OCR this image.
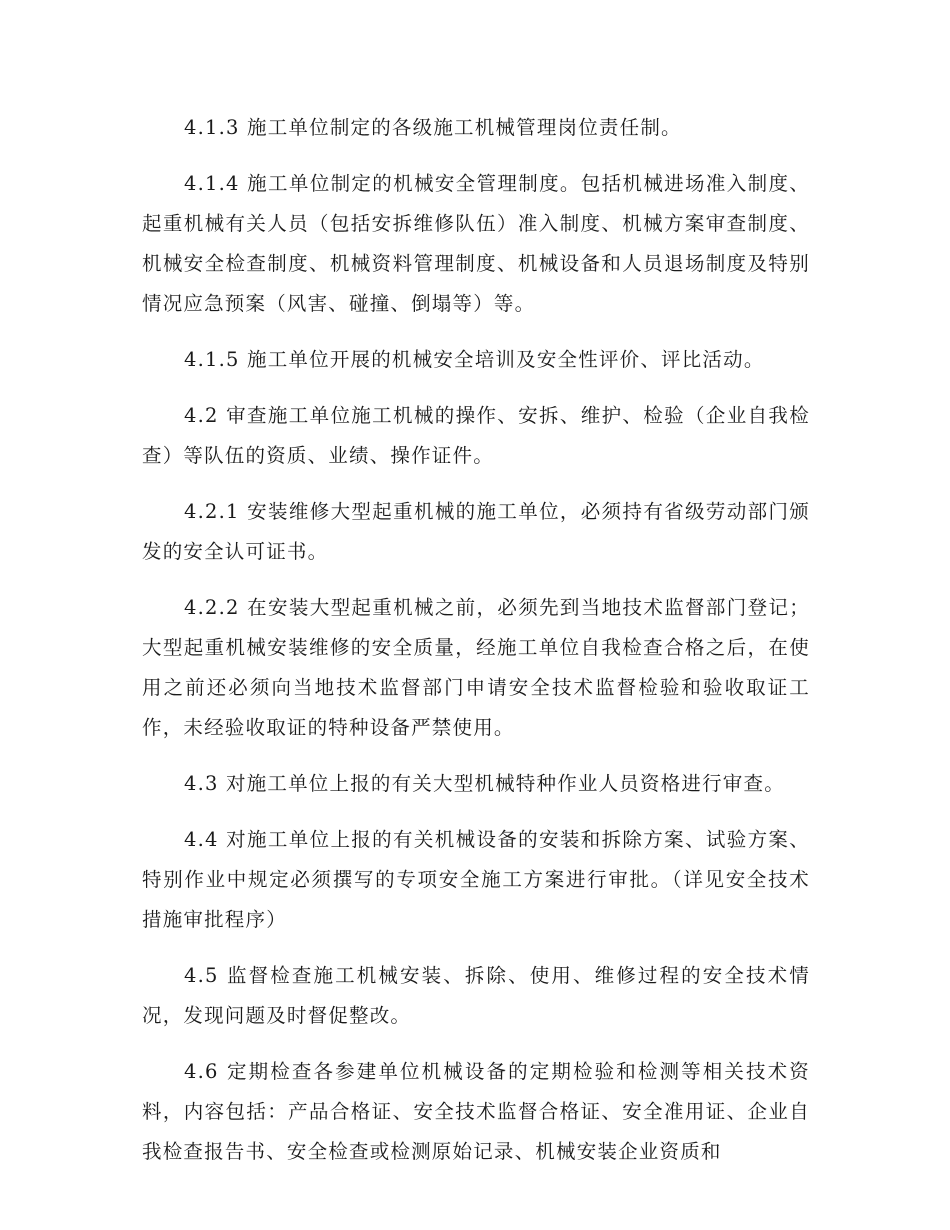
4.1.3 施工单位制定的各级施工机械管理岗位责任制。

4.1.4 施工单位制定的机械安全管理制度。包括机械进场准入制度、起重机械有关人员（包括安拆维修队伍）准入制度、机械方案审查制度、机械安全检查制度、机械资料管理制度、机械设备和人员退场制度及特别情况应急预案（风害、碰撞、倒塌等）等。

4.1.5 施工单位开展的机械安全培训及安全性评价、评比活动。

4.2 审查施工单位施工机械的操作、安拆、维护、检验（企业自我检查）等队伍的资质、业绩、操作证件。

4.2.1 安装维修大型起重机械的施工单位，必须持有省级劳动部门颁发的安全认可证书。

4.2.2 在安装大型起重机械之前，必须先到当地技术监督部门登记；大型起重机械安装维修的安全质量，经施工单位自我检查合格之后，在使用之前还必须向当地技术监督部门申请安全技术监督检验和验收取证工作，未经验收取证的特种设备严禁使用。

4.3 对施工单位上报的有关大型机械特种作业人员资格进行审查。

4.4 对施工单位上报的有关机械设备的安装和拆除方案、试验方案、特别作业中规定必须撰写的专项安全施工方案进行审批。（详见安全技术措施审批程序）

4.5 监督检查施工机械安装、拆除、使用、维修过程的安全技术情况，发现问题及时督促整改。

4.6 定期检查各参建单位机械设备的定期检验和检测等相关技术资料，内容包括：产品合格证、安全技术监督合格证、安全准用证、企业自我检查报告书、安全检查或检测原始记录、机械安装企业资质和
